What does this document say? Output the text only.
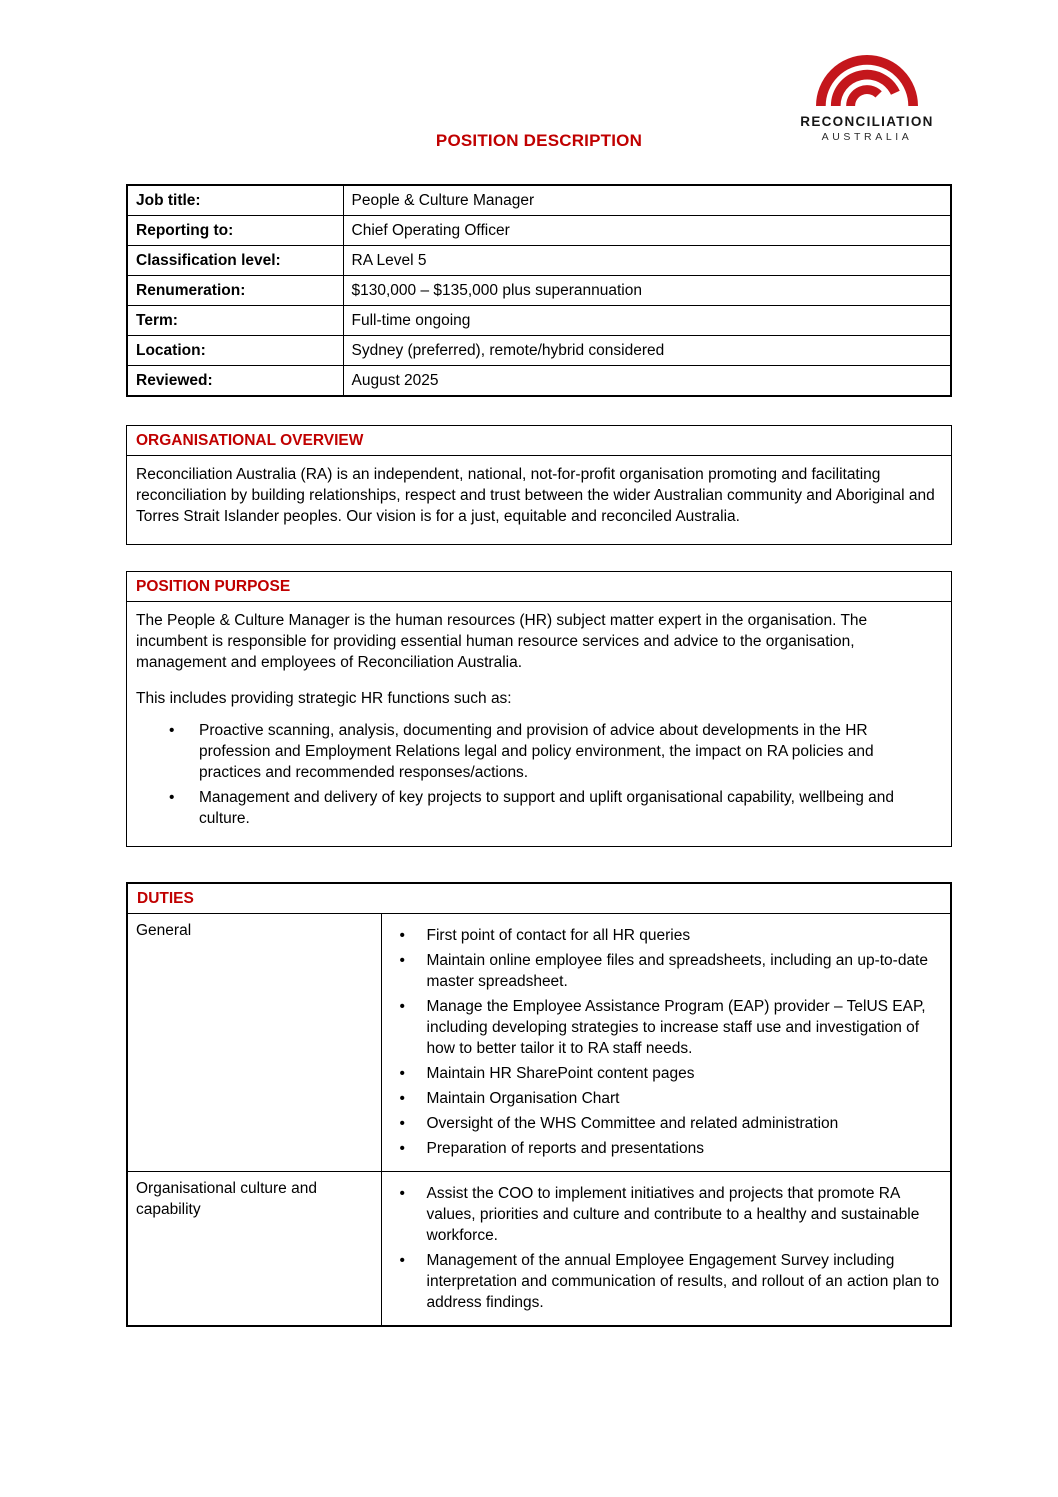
RECONCILIATION
AUSTRALIA
POSITION DESCRIPTION
Job title:	People & Culture Manager
Reporting to:	Chief Operating Officer
Classification level:	RA Level 5
Renumeration:	$130,000 – $135,000 plus superannuation
Term:	Full-time ongoing
Location:	Sydney (preferred), remote/hybrid considered
Reviewed:	August 2025
ORGANISATIONAL OVERVIEW

Reconciliation Australia (RA) is an independent, national, not-for-profit organisation promoting and facilitating reconciliation by building relationships, respect and trust between the wider Australian community and Aboriginal and Torres Strait Islander peoples. Our vision is for a just, equitable and reconciled Australia.

POSITION PURPOSE

The People & Culture Manager is the human resources (HR) subject matter expert in the organisation. The incumbent is responsible for providing essential human resource services and advice to the organisation, management and employees of Reconciliation Australia.

This includes providing strategic HR functions such as:

• Proactive scanning, analysis, documenting and provision of advice about developments in the HR profession and Employment Relations legal and policy environment, the impact on RA policies and practices and recommended responses/actions.
• Management and delivery of key projects to support and uplift organisational capability, wellbeing and culture.
DUTIES	
General	
•First point of contact for all HR queries
• Maintain online employee files and spreadsheets, including an up-to-date master spreadsheet.
• Manage the Employee Assistance Program (EAP) provider – TelUS EAP, including developing strategies to increase staff use and investigation of how to better tailor it to RA staff needs.
• Maintain HR SharePoint content pages
• Maintain Organisation Chart
• Oversight of the WHS Committee and related administration
• Preparation of reports and presentations

Organisational culture and capability	
• Assist the COO to implement initiatives and projects that promote RA values, priorities and culture and contribute to a healthy and sustainable workforce.
• Management of the annual Employee Engagement Survey including interpretation and communication of results, and rollout of an action plan to address findings.
